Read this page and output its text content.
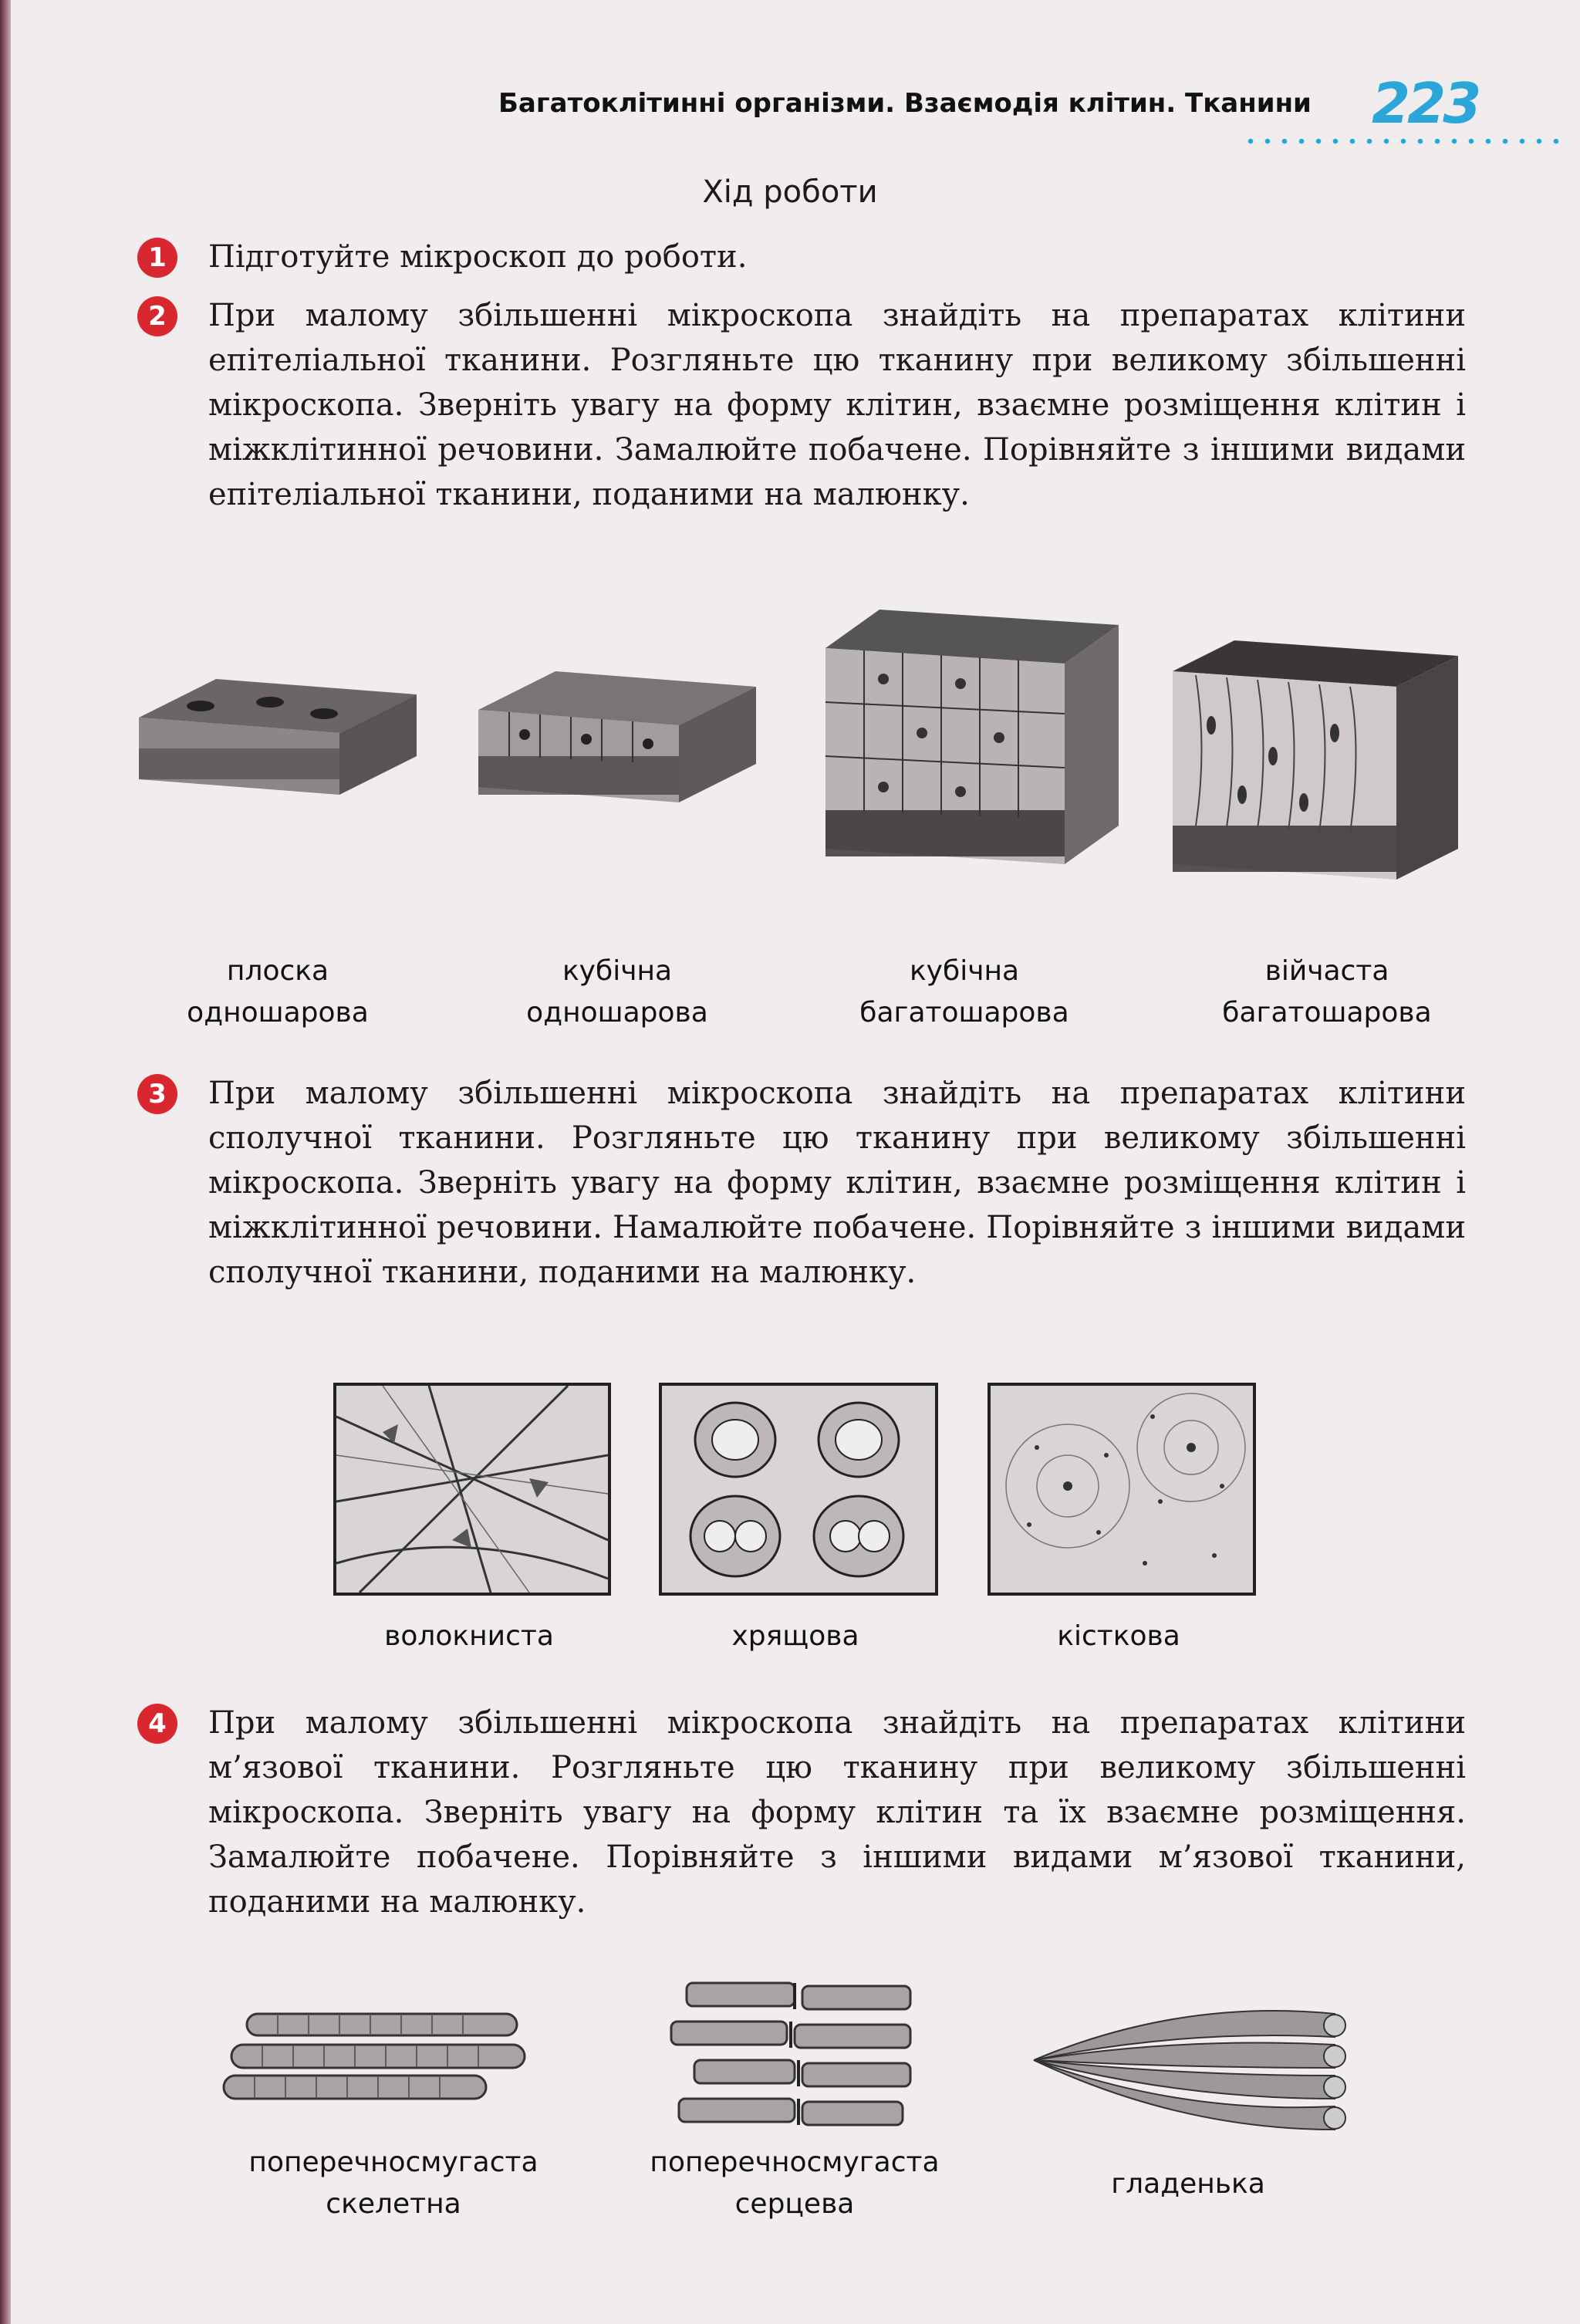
Багатоклітинні організми. Взаємодія клітин. Тканини 223
Хід роботи
1	Підготуйте мікроскоп до роботи.
2	При малому збільшенні мікроскопа знайдіть на препаратах клітини епітеліальної тканини. Розгляньте цю тканину при великому збільшенні мікроскопа. Зверніть увагу на форму клітин, взаємне розміщення клітин і міжклітинної речовини. Замалюйте побачене. Порівняйте з іншими видами епітеліальної тканини, поданими на малюнку.
плоска
одношарова
кубічна
одношарова
кубічна
багатошарова
війчаста
багатошарова
3	При малому збільшенні мікроскопа знайдіть на препаратах клітини сполучної тканини. Розгляньте цю тканину при великому збільшенні мікроскопа. Зверніть увагу на форму клітин, взаємне розміщення клітин і міжклітинної речовини. Намалюйте побачене. Порівняйте з іншими видами сполучної тканини, поданими на малюнку.
волокниста	хрящова	кісткова
4	При малому збільшенні мікроскопа знайдіть на препаратах клітини м’язової тканини. Розгляньте цю тканину при великому збільшенні мікроскопа. Зверніть увагу на форму клітин та їх взаємне розміщення. Замалюйте побачене. Порівняйте з іншими видами м’язової тканини, поданими на малюнку.
поперечносмугаста
скелетна
поперечносмугаста
серцева
гладенька
